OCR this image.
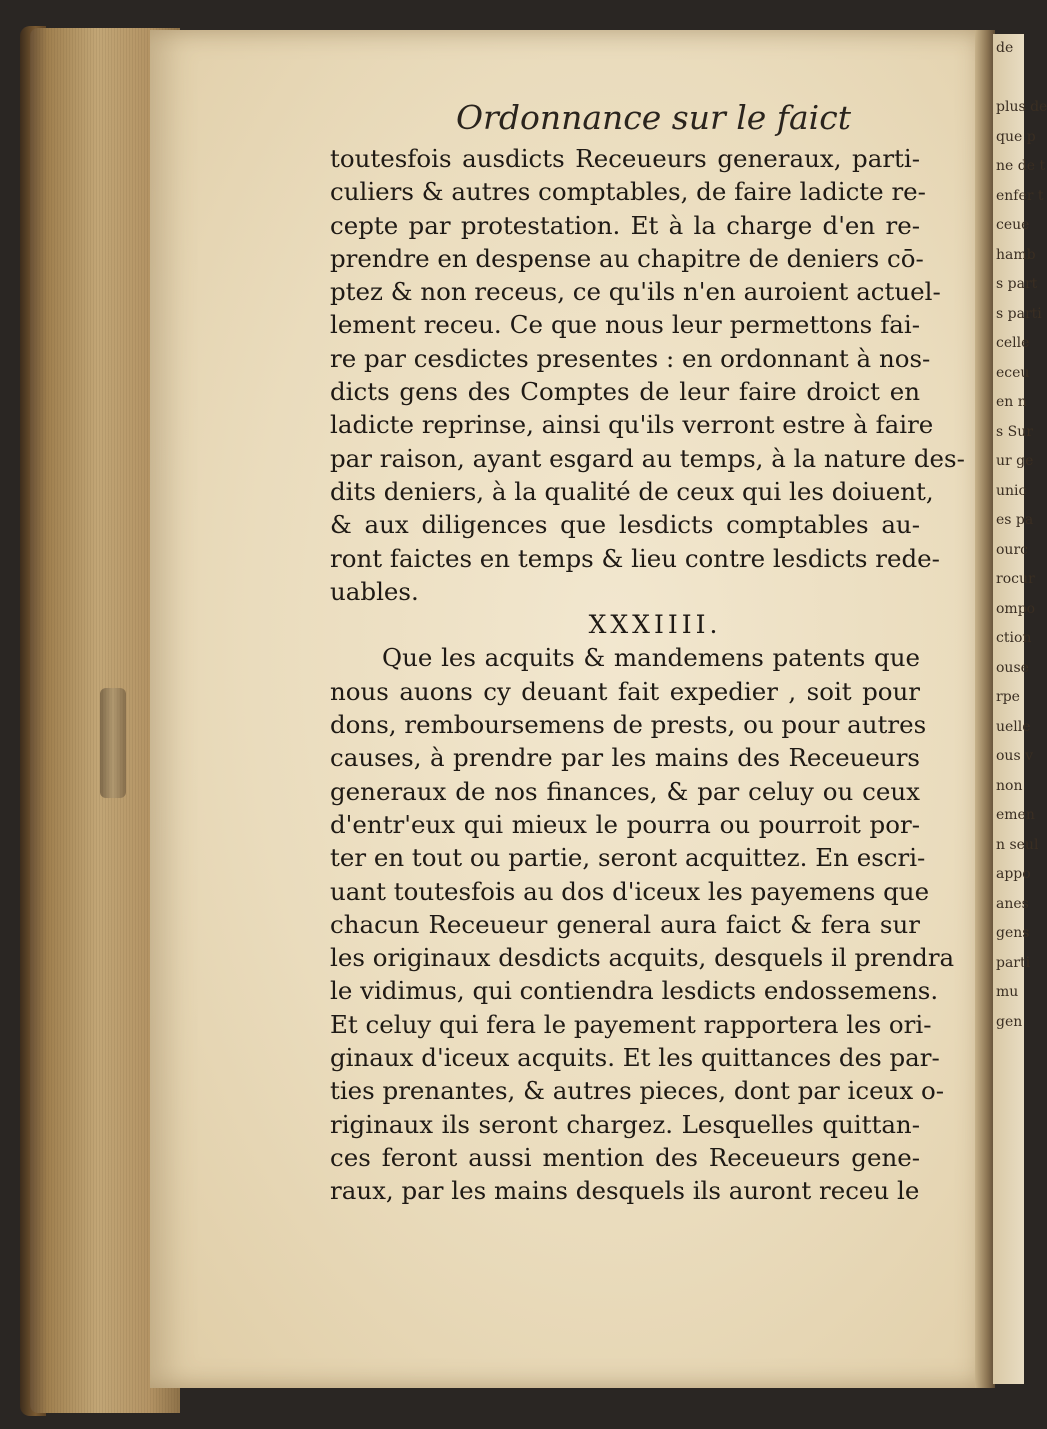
de
plus de
que p
ne de t
enfer t
ceue
hamb
s part
s parti
celle
eceu
en n
s Sur
ur ge
unic
es pa
ourc
rocur
ompo
ction
ouse
rpe
uelle
ous v
non
emen
n seul
appo
anes
gens
parti
mu
gen
Ordonnance sur le faict
toutesfois ausdicts Receueurs generaux, parti-
culiers & autres comptables, de faire ladicte re-
cepte par protestation. Et à la charge d'en re-
prendre en despense au chapitre de deniers cō-
ptez & non receus, ce qu'ils n'en auroient actuel-
lement receu. Ce que nous leur permettons fai-
re par cesdictes presentes : en ordonnant à nos-
dicts gens des Comptes de leur faire droict en
ladicte reprinse, ainsi qu'ils verront estre à faire
par raison, ayant esgard au temps, à la nature des-
dits deniers, à la qualité de ceux qui les doiuent,
& aux diligences que lesdicts comptables au-
ront faictes en temps & lieu contre lesdicts rede-
uables.
XXXIIII.
Que les acquits & mandemens patents que
nous auons cy deuant fait expedier , soit pour
dons, remboursemens de prests, ou pour autres
causes, à prendre par les mains des Receueurs
generaux de nos finances, & par celuy ou ceux
d'entr'eux qui mieux le pourra ou pourroit por-
ter en tout ou partie, seront acquittez. En escri-
uant toutesfois au dos d'iceux les payemens que
chacun Receueur general aura faict & fera sur
les originaux desdicts acquits, desquels il prendra
le vidimus, qui contiendra lesdicts endossemens.
Et celuy qui fera le payement rapportera les ori-
ginaux d'iceux acquits. Et les quittances des par-
ties prenantes, & autres pieces, dont par iceux o-
riginaux ils seront chargez. Lesquelles quittan-
ces feront aussi mention des Receueurs gene-
raux, par les mains desquels ils auront receu le
